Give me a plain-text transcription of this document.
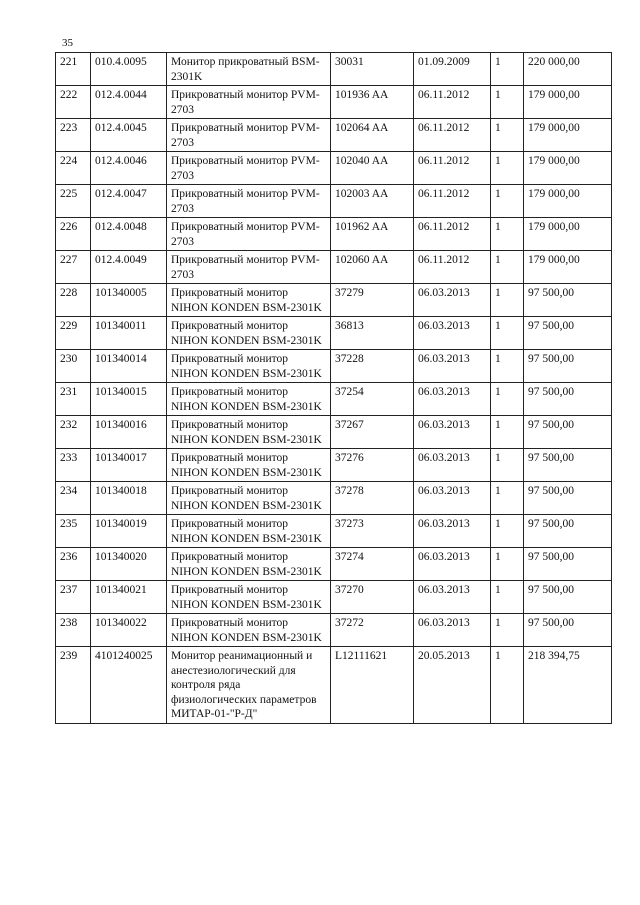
35
221	010.4.0095	Монитор прикроватный BSM-2301K	30031	01.09.2009	1	220 000,00
222	012.4.0044	Прикроватный монитор PVM-2703	101936 AA	06.11.2012	1	179 000,00
223	012.4.0045	Прикроватный монитор PVM-2703	102064 AA	06.11.2012	1	179 000,00
224	012.4.0046	Прикроватный монитор PVM-2703	102040 AA	06.11.2012	1	179 000,00
225	012.4.0047	Прикроватный монитор PVM-2703	102003 AA	06.11.2012	1	179 000,00
226	012.4.0048	Прикроватный монитор PVM-2703	101962 AA	06.11.2012	1	179 000,00
227	012.4.0049	Прикроватный монитор PVM-2703	102060 AA	06.11.2012	1	179 000,00
228	101340005	Прикроватный монитор NIHON KONDEN BSM-2301K	37279	06.03.2013	1	97 500,00
229	101340011	Прикроватный монитор NIHON KONDEN BSM-2301K	36813	06.03.2013	1	97 500,00
230	101340014	Прикроватный монитор NIHON KONDEN BSM-2301K	37228	06.03.2013	1	97 500,00
231	101340015	Прикроватный монитор NIHON KONDEN BSM-2301K	37254	06.03.2013	1	97 500,00
232	101340016	Прикроватный монитор NIHON KONDEN BSM-2301K	37267	06.03.2013	1	97 500,00
233	101340017	Прикроватный монитор NIHON KONDEN BSM-2301K	37276	06.03.2013	1	97 500,00
234	101340018	Прикроватный монитор NIHON KONDEN BSM-2301K	37278	06.03.2013	1	97 500,00
235	101340019	Прикроватный монитор NIHON KONDEN BSM-2301K	37273	06.03.2013	1	97 500,00
236	101340020	Прикроватный монитор NIHON KONDEN BSM-2301K	37274	06.03.2013	1	97 500,00
237	101340021	Прикроватный монитор NIHON KONDEN BSM-2301K	37270	06.03.2013	1	97 500,00
238	101340022	Прикроватный монитор NIHON KONDEN BSM-2301K	37272	06.03.2013	1	97 500,00
239	4101240025	Монитор реанимационный и анестезиологический для контроля ряда физиологических параметров МИТАР-01-"Р-Д"	L12111621	20.05.2013	1	218 394,75
